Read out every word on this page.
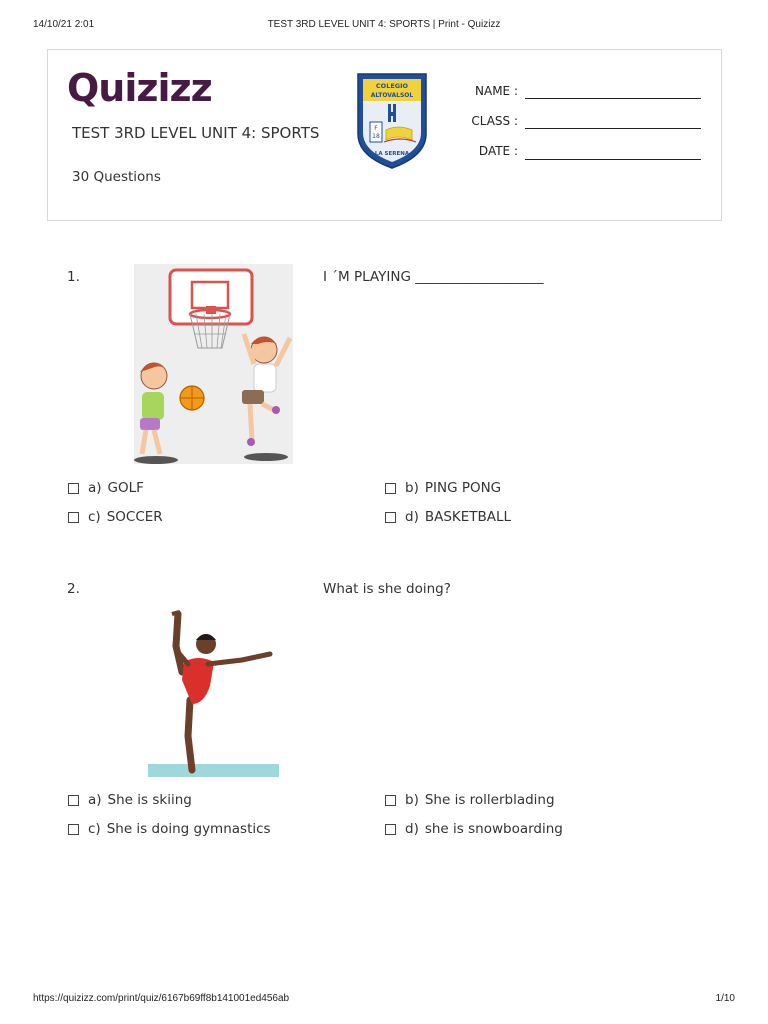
14/10/21 2:01	TEST 3RD LEVEL UNIT 4: SPORTS | Print - Quizizz
Quizizz
TEST 3RD LEVEL UNIT 4: SPORTS
30 Questions
COLEGIO
ALTOVALSOL
F
18
LA SERENA
NAME :
CLASS :
DATE :
1.	I ´M PLAYING ___________________
a) GOLF	b) PING PONG
c) SOCCER	d) BASKETBALL
2.	What is she doing?
a) She is skiing	b) She is rollerblading
c) She is doing gymnastics	d) she is snowboarding
https://quizizz.com/print/quiz/6167b69ff8b141001ed456ab	1/10
